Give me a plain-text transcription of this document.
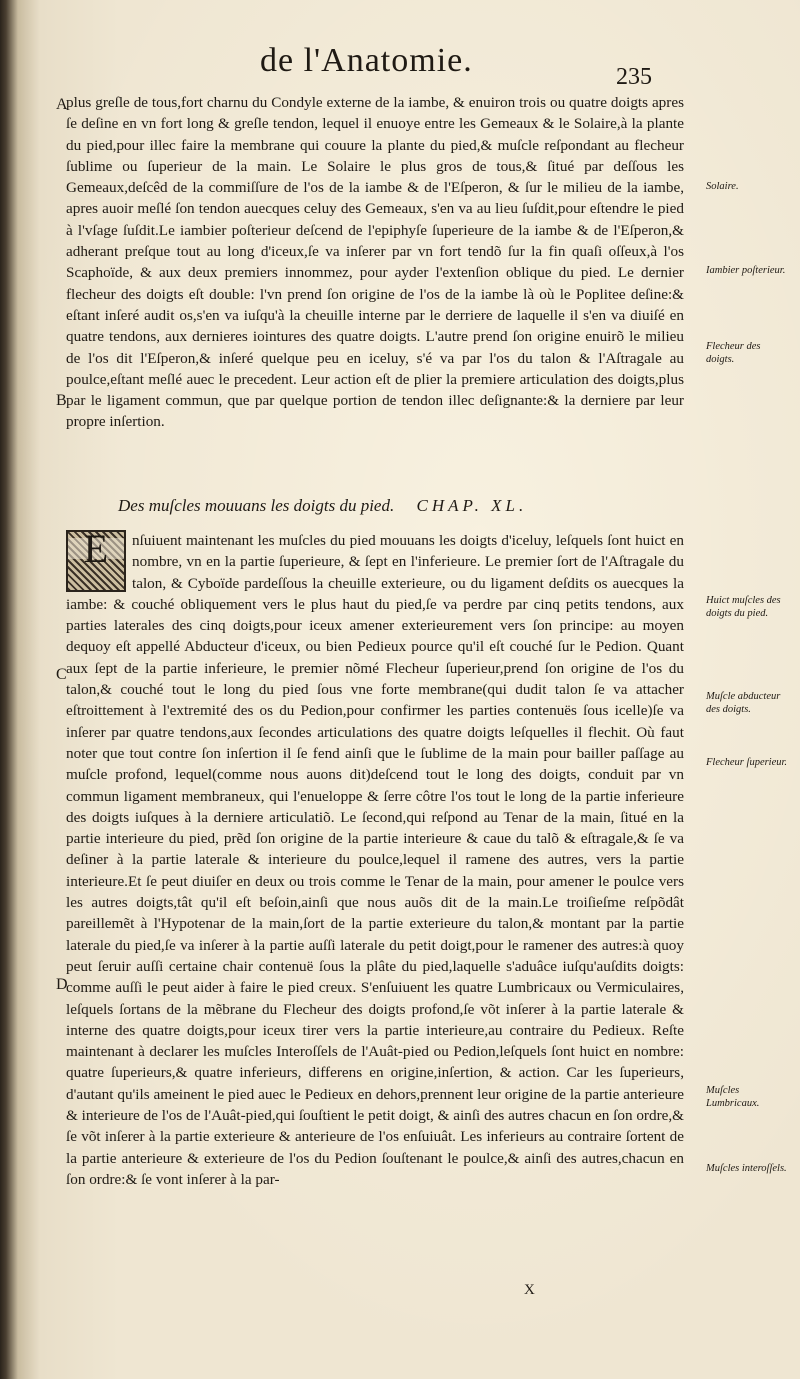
de l'Anatomie.	235
A
B
C
D
plus greſle de tous,fort charnu du Condyle externe de la iambe, & enuiron trois ou quatre doigts apres ſe deſine en vn fort long & greſle tendon, lequel il enuoye entre les Gemeaux & le Solaire,à la plante du pied,pour illec faire la membrane qui couure la plante du pied,& muſcle reſpondant au flecheur ſublime ou ſuperieur de la main. Le Solaire le plus gros de tous,& ſitué par deſſous les Gemeaux,deſcêd de la commiſſure de l'os de la iambe & de l'Eſperon, & ſur le milieu de la iambe, apres auoir meſlé ſon tendon auecques celuy des Gemeaux, s'en va au lieu ſuſdit,pour eſtendre le pied à l'vſage ſuſdit.Le iambier poſterieur deſcend de l'epiphyſe ſuperieure de la iambe & de l'Eſperon,& adherant preſque tout au long d'iceux,ſe va inſerer par vn fort tendõ ſur la fin quaſi oſſeux,à l'os Scaphoïde, & aux deux premiers innommez, pour ayder l'extenſion oblique du pied. Le dernier flecheur des doigts eſt double: l'vn prend ſon origine de l'os de la iambe là où le Poplitee deſine:& eſtant inſeré audit os,s'en va iuſqu'à la cheuille interne par le derriere de laquelle il s'en va diuiſé en quatre tendons, aux dernieres iointures des quatre doigts. L'autre prend ſon origine enuirõ le milieu de l'os dit l'Eſperon,& inſeré quelque peu en iceluy, s'é va par l'os du talon & l'Aſtragale au poulce,eſtant meſlé auec le precedent. Leur action eſt de plier la premiere articulation des doigts,plus par le ligament commun, que par quelque portion de tendon illec deſignante:& la derniere par leur propre inſertion.
Des muſcles mouuans les doigts du pied. CHAP. XL.
E	nſuiuent maintenant les muſcles du pied mouuans les doigts d'iceluy, leſquels ſont huict en nombre, vn en la partie ſuperieure, & ſept en l'inferieure. Le premier ſort de l'Aſtragale du talon, & Cyboïde pardeſſous la cheuille exterieure, ou du ligament deſdits os auecques la iambe: & couché obliquement vers le plus haut du pied,ſe va perdre par cinq petits tendons, aux parties laterales des cinq doigts,pour iceux amener exterieurement vers ſon principe: au moyen dequoy eſt appellé Abducteur d'iceux, ou bien Pedieux pource qu'il eſt couché ſur le Pedion. Quant aux ſept de la partie inferieure, le premier nõmé Flecheur ſuperieur,prend ſon origine de l'os du talon,& couché tout le long du pied ſous vne forte membrane(qui dudit talon ſe va attacher eſtroittement à l'extremité des os du Pedion,pour confirmer les parties contenuës ſous icelle)ſe va inſerer par quatre tendons,aux ſecondes articulations des quatre doigts leſquelles il flechit. Où faut noter que tout contre ſon inſertion il ſe fend ainſi que le ſublime de la main pour bailler paſſage au muſcle profond, lequel(comme nous auons dit)deſcend tout le long des doigts, conduit par vn commun ligament membraneux, qui l'enueloppe & ſerre côtre l'os tout le long de la partie inferieure des doigts iuſques à la derniere articulatiõ. Le ſecond,qui reſpond au Tenar de la main, ſitué en la partie interieure du pied, prẽd ſon origine de la partie interieure & caue du talõ & eſtragale,& ſe va deſiner à la partie laterale & interieure du poulce,lequel il ramene des autres, vers la partie interieure.Et ſe peut diuiſer en deux ou trois comme le Tenar de la main, pour amener le poulce vers les autres doigts,tât qu'il eſt beſoin,ainſi que nous auõs dit de la main.Le troiſieſme reſpõdât pareillemẽt à l'Hypotenar de la main,ſort de la partie exterieure du talon,& montant par la partie laterale du pied,ſe va inſerer à la partie auſſi laterale du petit doigt,pour le ramener des autres:à quoy peut ſeruir auſſi certaine chair contenuë ſous la plâte du pied,laquelle s'aduâce iuſqu'auſdits doigts: comme auſſi le peut aider à faire le pied creux. S'enſuiuent les quatre Lumbricaux ou Vermiculaires, leſquels ſortans de la mẽbrane du Flecheur des doigts profond,ſe võt inſerer à la partie laterale & interne des quatre doigts,pour iceux tirer vers la partie interieure,au contraire du Pedieux. Reſte maintenant à declarer les muſcles Interoſſels de l'Auât-pied ou Pedion,leſquels ſont huict en nombre: quatre ſuperieurs,& quatre inferieurs, differens en origine,inſertion, & action. Car les ſuperieurs, d'autant qu'ils ameinent le pied auec le Pedieux en dehors,prennent leur origine de la partie anterieure & interieure de l'os de l'Auât-pied,qui ſouſtient le petit doigt, & ainſi des autres chacun en ſon ordre,& ſe võt inſerer à la partie exterieure & anterieure de l'os enſuiuât. Les inferieurs au contraire ſortent de la partie anterieure & exterieure de l'os du Pedion ſouſtenant le poulce,& ainſi des autres,chacun en ſon ordre:& ſe vont inſerer à la par-
Solaire.
Iambier poſterieur.
Flecheur des doigts.
Huict muſcles des doigts du pied.
Muſcle abducteur des doigts.
Flecheur ſuperieur.
Muſcles Lumbricaux.
Muſcles interoſſels.
X
